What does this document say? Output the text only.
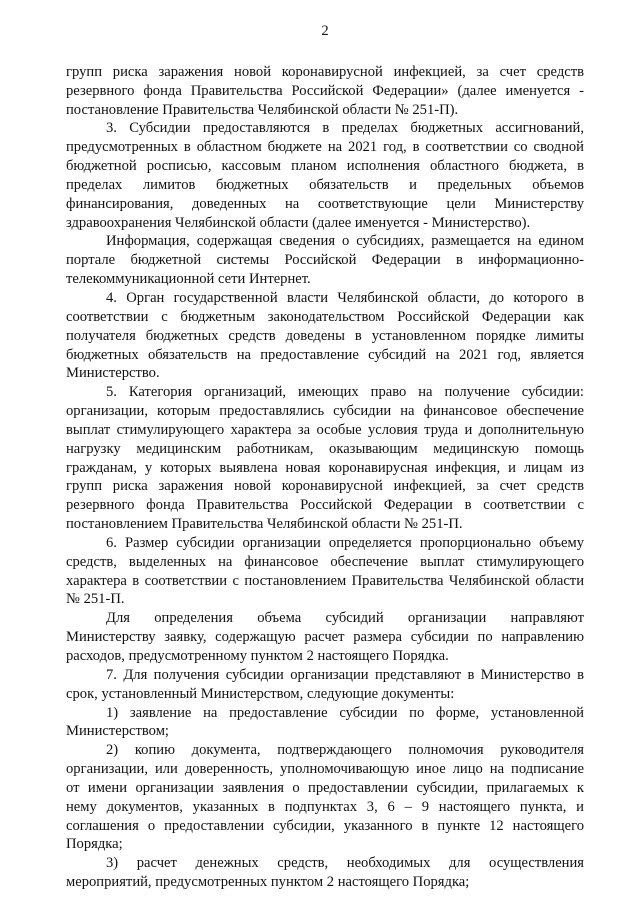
2
групп риска заражения новой коронавирусной инфекцией, за счет средств
резервного фонда Правительства Российской Федерации» (далее именуется -
постановление Правительства Челябинской области № 251-П).
3. Субсидии предоставляются в пределах бюджетных ассигнований,
предусмотренных в областном бюджете на 2021 год, в соответствии со сводной
бюджетной росписью, кассовым планом исполнения областного бюджета, в
пределах лимитов бюджетных обязательств и предельных объемов
финансирования, доведенных на соответствующие цели Министерству
здравоохранения Челябинской области (далее именуется - Министерство).
Информация, содержащая сведения о субсидиях, размещается на едином
портале бюджетной системы Российской Федерации в информационно-
телекоммуникационной сети Интернет.
4. Орган государственной власти Челябинской области, до которого в
соответствии с бюджетным законодательством Российской Федерации как
получателя бюджетных средств доведены в установленном порядке лимиты
бюджетных обязательств на предоставление субсидий на 2021 год, является
Министерство.
5. Категория организаций, имеющих право на получение субсидии:
организации, которым предоставлялись субсидии на финансовое обеспечение
выплат стимулирующего характера за особые условия труда и дополнительную
нагрузку медицинским работникам, оказывающим медицинскую помощь
гражданам, у которых выявлена новая коронавирусная инфекция, и лицам из
групп риска заражения новой коронавирусной инфекцией, за счет средств
резервного фонда Правительства Российской Федерации в соответствии с
постановлением Правительства Челябинской области № 251-П.
6. Размер субсидии организации определяется пропорционально объему
средств, выделенных на финансовое обеспечение выплат стимулирующего
характера в соответствии с постановлением Правительства Челябинской области
№ 251-П.
Для определения объема субсидий организации направляют
Министерству заявку, содержащую расчет размера субсидии по направлению
расходов, предусмотренному пунктом 2 настоящего Порядка.
7. Для получения субсидии организации представляют в Министерство в
срок, установленный Министерством, следующие документы:
1) заявление на предоставление субсидии по форме, установленной
Министерством;
2) копию документа, подтверждающего полномочия руководителя
организации, или доверенность, уполномочивающую иное лицо на подписание
от имени организации заявления о предоставлении субсидии, прилагаемых к
нему документов, указанных в подпунктах 3, 6 – 9 настоящего пункта, и
соглашения о предоставлении субсидии, указанного в пункте 12 настоящего
Порядка;
3) расчет денежных средств, необходимых для осуществления
мероприятий, предусмотренных пунктом 2 настоящего Порядка;
